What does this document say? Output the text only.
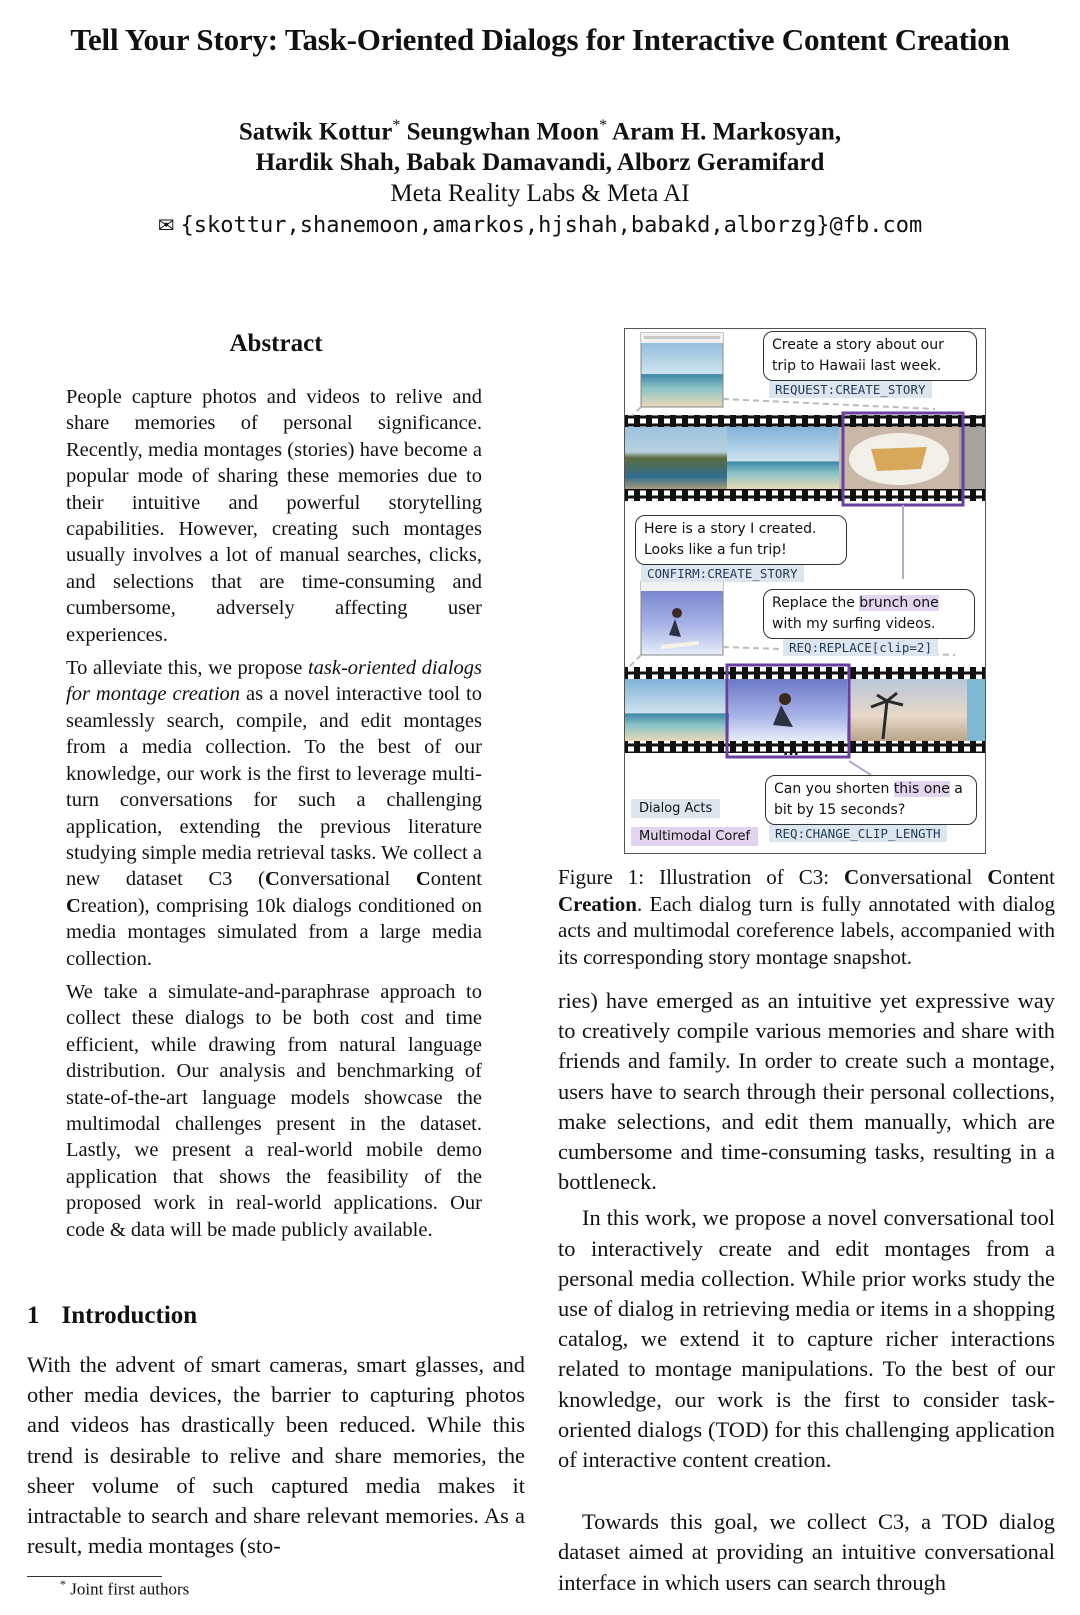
Tell Your Story: Task-Oriented Dialogs for Interactive Content Creation
Satwik Kottur* Seungwhan Moon* Aram H. Markosyan,
Hardik Shah, Babak Damavandi, Alborz Geramifard
Meta Reality Labs & Meta AI
✉ {skottur,shanemoon,amarkos,hjshah,babakd,alborzg}@fb.com
Abstract

People capture photos and videos to relive and share memories of personal significance. Recently, media montages (stories) have become a popular mode of sharing these memories due to their intuitive and powerful storytelling capabilities. However, creating such montages usually involves a lot of manual searches, clicks, and selections that are time-consuming and cumbersome, adversely affecting user experiences.

To alleviate this, we propose task-oriented dialogs for montage creation as a novel interactive tool to seamlessly search, compile, and edit montages from a media collection. To the best of our knowledge, our work is the first to leverage multi-turn conversations for such a challenging application, extending the previous literature studying simple media retrieval tasks. We collect a new dataset C3 (Conversational Content Creation), comprising 10k dialogs conditioned on media montages simulated from a large media collection.

We take a simulate-and-paraphrase approach to collect these dialogs to be both cost and time efficient, while drawing from natural language distribution. Our analysis and benchmarking of state-of-the-art language models showcase the multimodal challenges present in the dataset. Lastly, we present a real-world mobile demo application that shows the feasibility of the proposed work in real-world applications. Our code & data will be made publicly available.

1 Introduction

With the advent of smart cameras, smart glasses, and other media devices, the barrier to capturing photos and videos has drastically been reduced. While this trend is desirable to relive and share memories, the sheer volume of such captured media makes it intractable to search and share relevant memories. As a result, media montages (sto-

* Joint first authors
Create a story about our trip to Hawaii last week.
REQUEST:CREATE_STORY
Here is a story I created. Looks like a fun trip!
CONFIRM:CREATE_STORY
Replace the brunch one with my surfing videos.
REQ:REPLACE[clip=2]
...
Can you shorten this one a bit by 15 seconds?
REQ:CHANGE_CLIP_LENGTH
Dialog Acts
Multimodal Coref
Figure 1: Illustration of C3: Conversational Content Creation. Each dialog turn is fully annotated with dialog acts and multimodal coreference labels, accompanied with its corresponding story montage snapshot.

ries) have emerged as an intuitive yet expressive way to creatively compile various memories and share with friends and family. In order to create such a montage, users have to search through their personal collections, make selections, and edit them manually, which are cumbersome and time-consuming tasks, resulting in a bottleneck.

In this work, we propose a novel conversational tool to interactively create and edit montages from a personal media collection. While prior works study the use of dialog in retrieving media or items in a shopping catalog, we extend it to capture richer interactions related to montage manipulations. To the best of our knowledge, our work is the first to consider task-oriented dialogs (TOD) for this challenging application of interactive content creation.

Towards this goal, we collect C3, a TOD dialog dataset aimed at providing an intuitive conversational interface in which users can search through
